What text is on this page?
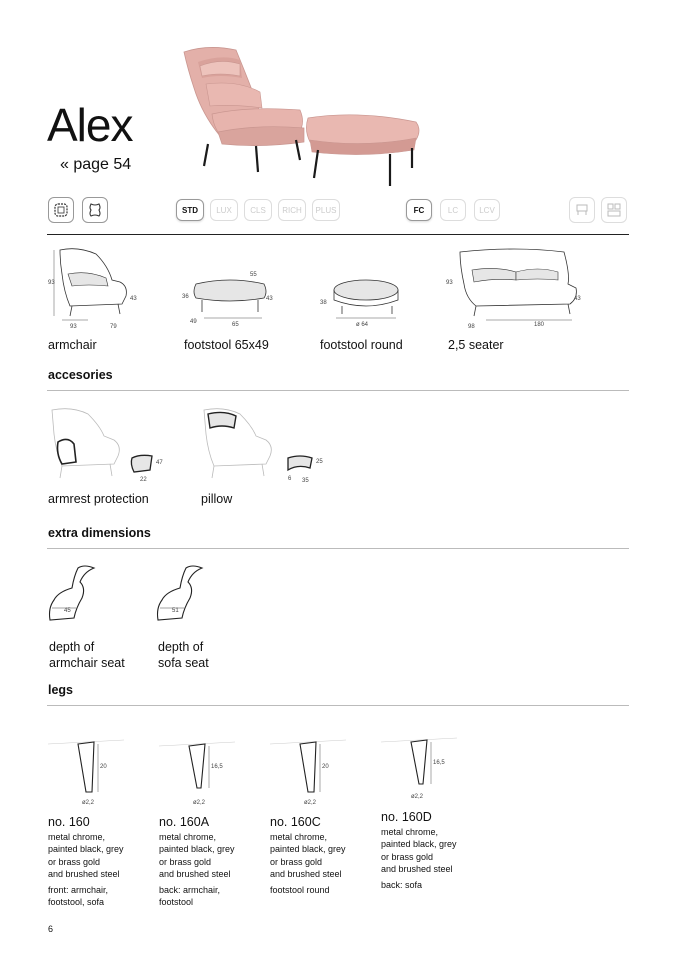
Alex
« page 54
STD	LUX	CLS	RICH	PLUS	FC	LC	LCV
93
43
93	79
armchair
55
36	43
49	65
footstool 65x49
38
ø 64
footstool round
93
43
98	180
2,5 seater
accesories
47
22
armrest protection
25
6 35
pillow
extra dimensions
45
depth of
armchair seat
51
depth of
sofa seat
legs
20
ø2,2
no. 160
metal chrome,
painted black, grey
or brass gold
and brushed steel
front: armchair,
footstool, sofa
16,5
ø2,2
no. 160A
metal chrome,
painted black, grey
or brass gold
and brushed steel
back: armchair,
footstool
20
ø2,2
no. 160C
metal chrome,
painted black, grey
or brass gold
and brushed steel
footstool round
16,5
ø2,2
no. 160D
metal chrome,
painted black, grey
or brass gold
and brushed steel
back: sofa
6
